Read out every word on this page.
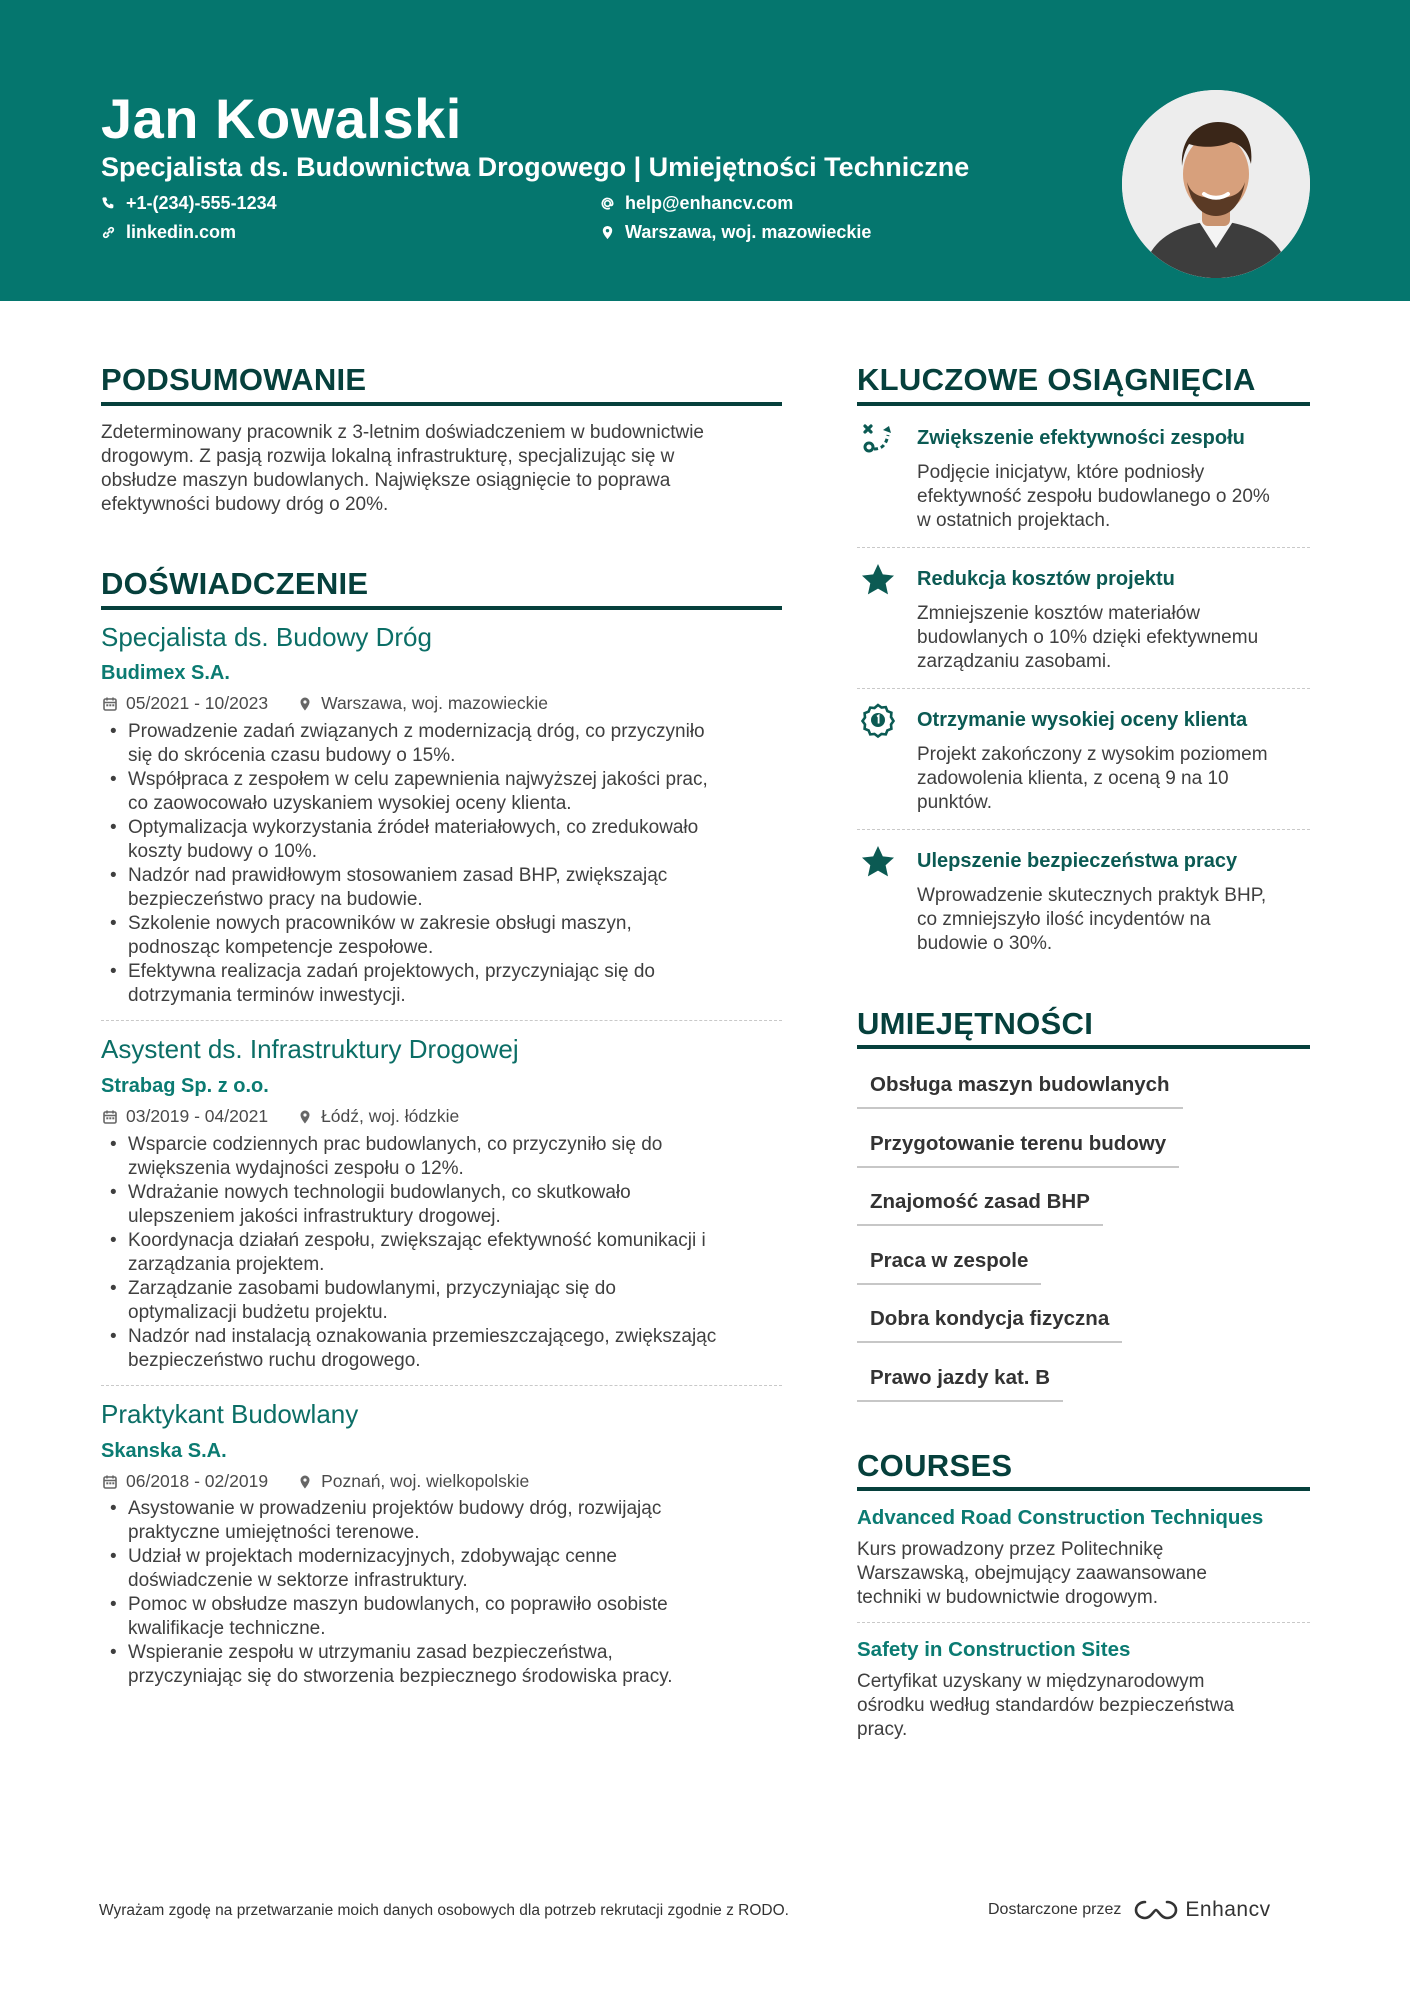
Jan Kowalski
Specjalista ds. Budownictwa Drogowego | Umiejętności Techniczne
+1-(234)-555-1234	help@enhancv.com
linkedin.com	Warszawa, woj. mazowieckie
PODSUMOWANIE
Zdeterminowany pracownik z 3-letnim doświadczeniem w budownictwie
drogowym. Z pasją rozwija lokalną infrastrukturę, specjalizując się w
obsłudze maszyn budowlanych. Największe osiągnięcie to poprawa
efektywności budowy dróg o 20%.
DOŚWIADCZENIE
Specjalista ds. Budowy Dróg
Budimex S.A.
05/2021 - 10/2023	Warszawa, woj. mazowieckie
• Prowadzenie zadań związanych z modernizacją dróg, co przyczyniło
się do skrócenia czasu budowy o 15%.
• Współpraca z zespołem w celu zapewnienia najwyższej jakości prac,
co zaowocowało uzyskaniem wysokiej oceny klienta.
• Optymalizacja wykorzystania źródeł materiałowych, co zredukowało
koszty budowy o 10%.
• Nadzór nad prawidłowym stosowaniem zasad BHP, zwiększając
bezpieczeństwo pracy na budowie.
• Szkolenie nowych pracowników w zakresie obsługi maszyn,
podnosząc kompetencje zespołowe.
• Efektywna realizacja zadań projektowych, przyczyniając się do
dotrzymania terminów inwestycji.
Asystent ds. Infrastruktury Drogowej
Strabag Sp. z o.o.
03/2019 - 04/2021	Łódź, woj. łódzkie
• Wsparcie codziennych prac budowlanych, co przyczyniło się do
zwiększenia wydajności zespołu o 12%.
• Wdrażanie nowych technologii budowlanych, co skutkowało
ulepszeniem jakości infrastruktury drogowej.
• Koordynacja działań zespołu, zwiększając efektywność komunikacji i
zarządzania projektem.
• Zarządzanie zasobami budowlanymi, przyczyniając się do
optymalizacji budżetu projektu.
• Nadzór nad instalacją oznakowania przemieszczającego, zwiększając
bezpieczeństwo ruchu drogowego.
Praktykant Budowlany
Skanska S.A.
06/2018 - 02/2019	Poznań, woj. wielkopolskie
• Asystowanie w prowadzeniu projektów budowy dróg, rozwijając
praktyczne umiejętności terenowe.
• Udział w projektach modernizacyjnych, zdobywając cenne
doświadczenie w sektorze infrastruktury.
• Pomoc w obsłudze maszyn budowlanych, co poprawiło osobiste
kwalifikacje techniczne.
• Wspieranie zespołu w utrzymaniu zasad bezpieczeństwa,
przyczyniając się do stworzenia bezpiecznego środowiska pracy.
KLUCZOWE OSIĄGNIĘCIA
Zwiększenie efektywności zespołu
Podjęcie inicjatyw, które podniosły
efektywność zespołu budowlanego o 20%
w ostatnich projektach.
Redukcja kosztów projektu
Zmniejszenie kosztów materiałów
budowlanych o 10% dzięki efektywnemu
zarządzaniu zasobami.
Otrzymanie wysokiej oceny klienta
Projekt zakończony z wysokim poziomem
zadowolenia klienta, z oceną 9 na 10
punktów.
Ulepszenie bezpieczeństwa pracy
Wprowadzenie skutecznych praktyk BHP,
co zmniejszyło ilość incydentów na
budowie o 30%.
UMIEJĘTNOŚCI
Obsługa maszyn budowlanych
Przygotowanie terenu budowy
Znajomość zasad BHP
Praca w zespole
Dobra kondycja fizyczna
Prawo jazdy kat. B
COURSES
Advanced Road Construction Techniques
Kurs prowadzony przez Politechnikę
Warszawską, obejmujący zaawansowane
techniki w budownictwie drogowym.
Safety in Construction Sites
Certyfikat uzyskany w międzynarodowym
ośrodku według standardów bezpieczeństwa
pracy.
Wyrażam zgodę na przetwarzanie moich danych osobowych dla potrzeb rekrutacji zgodnie z RODO.	Dostarczone przez	Enhancv
